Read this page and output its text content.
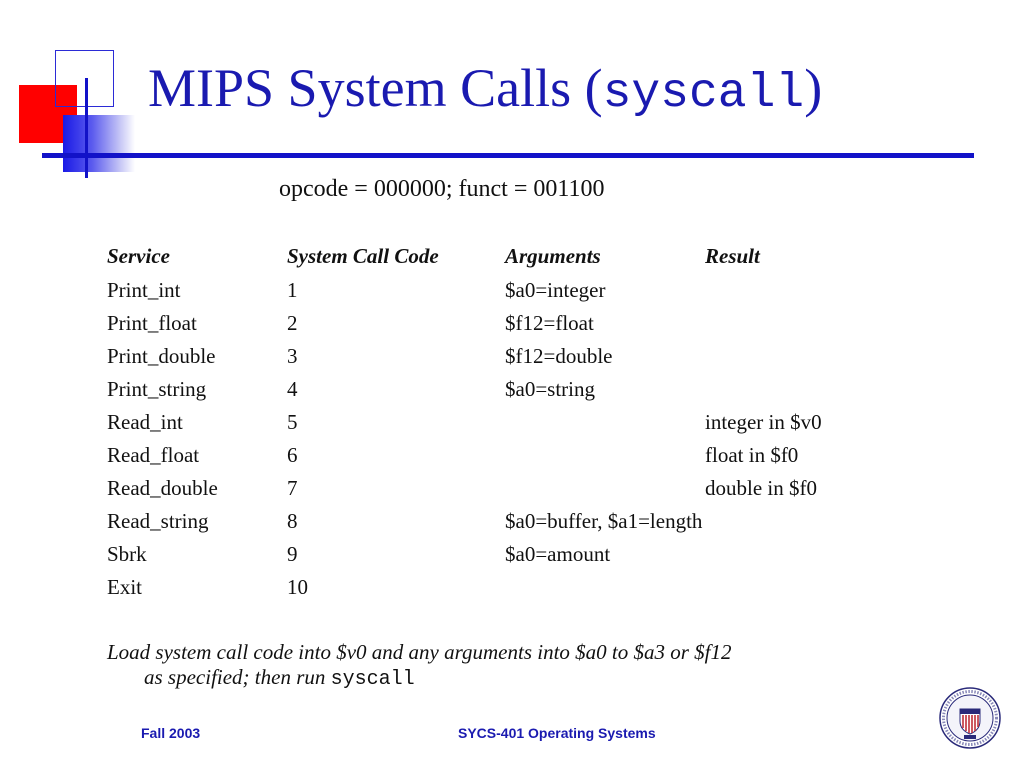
MIPS System Calls (syscall)
opcode = 000000; funct = 001100
Service	System Call Code	Arguments	Result
Print_int	1	$a0=integer	
Print_float	2	$f12=float	
Print_double	3	$f12=double	
Print_string	4	$a0=string	
Read_int	5		integer in $v0
Read_float	6		float in $f0
Read_double	7		double in $f0
Read_string	8	$a0=buffer, $a1=length	
Sbrk	9	$a0=amount	
Exit	10		
Load system call code into $v0 and any arguments into $a0 to $a3 or $f12
as specified; then run syscall
Fall 2003	SYCS-401 Operating Systems
